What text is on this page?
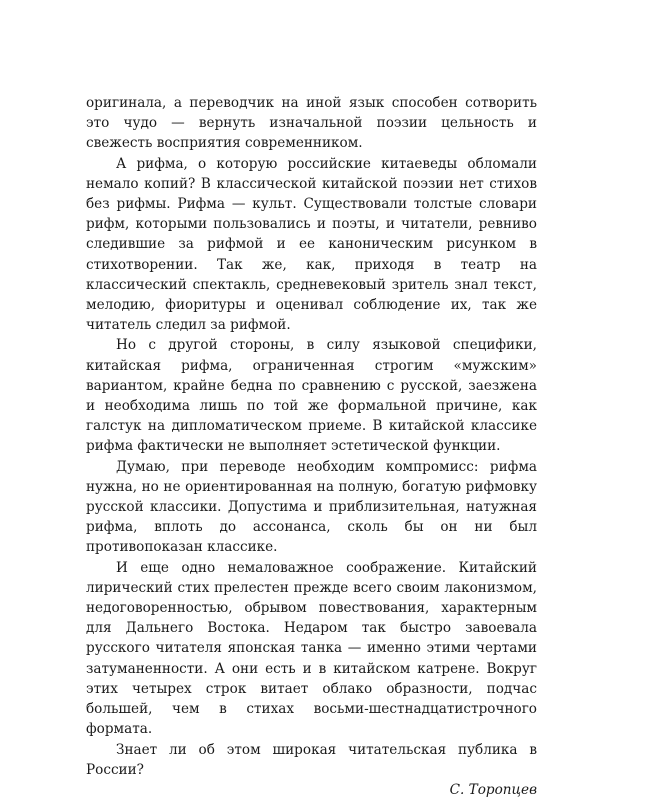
оригинала, а переводчик на иной язык способен сотворить это чудо — вернуть изначальной поэзии цельность и свежесть восприятия современником.

А рифма, о которую российские китаеведы обломали немало копий? В классической китайской поэзии нет стихов без рифмы. Рифма — культ. Существовали толстые словари рифм, которыми пользовались и поэты, и читатели, ревниво следившие за рифмой и ее каноническим рисунком в стихотворении. Так же, как, приходя в театр на классический спектакль, средневековый зритель знал текст, мелодию, фиоритуры и оценивал соблюдение их, так же читатель следил за рифмой.

Но с другой стороны, в силу языковой специфики, китайская рифма, ограниченная строгим «мужским» вариантом, крайне бедна по сравнению с русской, заезжена и необходима лишь по той же формальной причине, как галстук на дипломатическом приеме. В китайской классике рифма фактически не выполняет эстетической функции.

Думаю, при переводе необходим компромисс: рифма нужна, но не ориентированная на полную, богатую рифмовку русской классики. Допустима и приблизительная, натужная рифма, вплоть до ассонанса, сколь бы он ни был противопоказан классике.

И еще одно немаловажное соображение. Китайский лирический стих прелестен прежде всего своим лаконизмом, недоговоренностью, обрывом повествования, характерным для Дальнего Востока. Недаром так быстро завоевала русского читателя японская танка — именно этими чертами затуманенности. А они есть и в китайском катрене. Вокруг этих четырех строк витает облако образности, подчас большей, чем в стихах восьми-шестнадцатистрочного формата.

Знает ли об этом широкая читательская публика в России?

С. Торопцев
